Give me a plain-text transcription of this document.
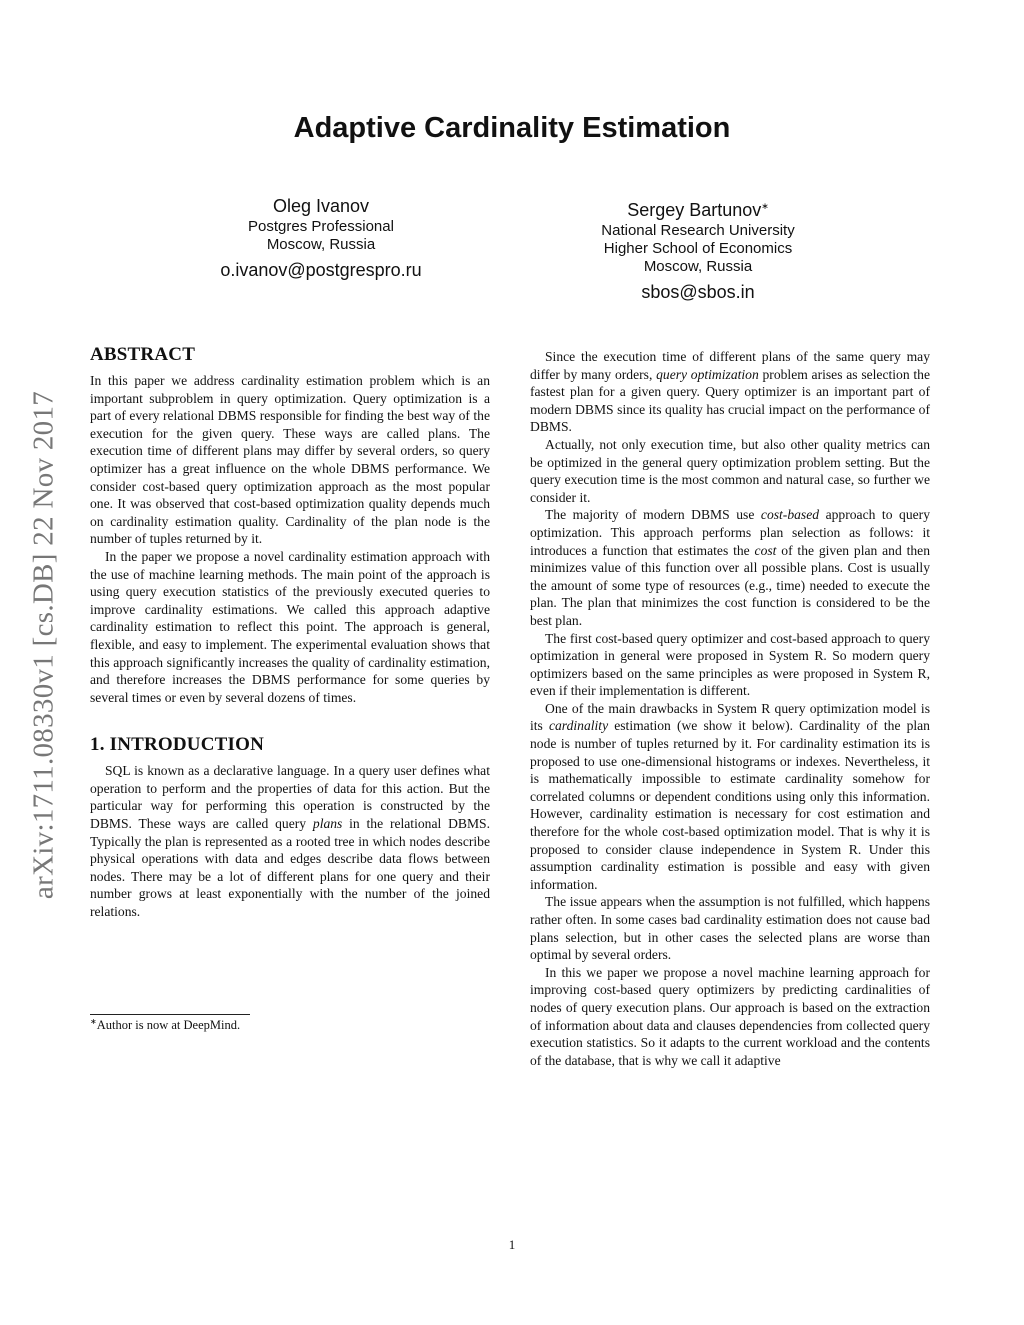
Adaptive Cardinality Estimation
Oleg Ivanov
Postgres Professional
Moscow, Russia
o.ivanov@postgrespro.ru
Sergey Bartunov∗
National Research University
Higher School of Economics
Moscow, Russia
sbos@sbos.in
arXiv:1711.08330v1 [cs.DB] 22 Nov 2017
ABSTRACT

In this paper we address cardinality estimation problem which is an important subproblem in query optimization. Query optimization is a part of every relational DBMS responsible for finding the best way of the execution for the given query. These ways are called plans. The execution time of different plans may differ by several orders, so query optimizer has a great influence on the whole DBMS performance. We consider cost-based query optimization approach as the most popular one. It was observed that cost-based optimization quality depends much on cardinality estimation quality. Cardinality of the plan node is the number of tuples returned by it.

In the paper we propose a novel cardinality estimation approach with the use of machine learning methods. The main point of the approach is using query execution statistics of the previously executed queries to improve cardinality estimations. We called this approach adaptive cardinality estimation to reflect this point. The approach is general, flexible, and easy to implement. The experimental evaluation shows that this approach significantly increases the quality of cardinality estimation, and therefore increases the DBMS performance for some queries by several times or even by several dozens of times.

1. INTRODUCTION

SQL is known as a declarative language. In a query user defines what operation to perform and the properties of data for this action. But the particular way for performing this operation is constructed by the DBMS. These ways are called query plans in the relational DBMS. Typically the plan is represented as a rooted tree in which nodes describe physical operations with data and edges describe data flows between nodes. There may be a lot of different plans for one query and their number grows at least exponentially with the number of the joined relations.

∗Author is now at DeepMind.

Since the execution time of different plans of the same query may differ by many orders, query optimization problem arises as selection the fastest plan for a given query. Query optimizer is an important part of modern DBMS since its quality has crucial impact on the performance of DBMS.

Actually, not only execution time, but also other quality metrics can be optimized in the general query optimization problem setting. But the query execution time is the most common and natural case, so further we consider it.

The majority of modern DBMS use cost-based approach to query optimization. This approach performs plan selection as follows: it introduces a function that estimates the cost of the given plan and then minimizes value of this function over all possible plans. Cost is usually the amount of some type of resources (e.g., time) needed to execute the plan. The plan that minimizes the cost function is considered to be the best plan.

The first cost-based query optimizer and cost-based approach to query optimization in general were proposed in System R. So modern query optimizers based on the same principles as were proposed in System R, even if their implementation is different.

One of the main drawbacks in System R query optimization model is its cardinality estimation (we show it below). Cardinality of the plan node is number of tuples returned by it. For cardinality estimation its is proposed to use one-dimensional histograms or indexes. Nevertheless, it is mathematically impossible to estimate cardinality somehow for correlated columns or dependent conditions using only this information. However, cardinality estimation is necessary for cost estimation and therefore for the whole cost-based optimization model. That is why it is proposed to consider clause independence in System R. Under this assumption cardinality estimation is possible and easy with given information.

The issue appears when the assumption is not fulfilled, which happens rather often. In some cases bad cardinality estimation does not cause bad plans selection, but in other cases the selected plans are worse than optimal by several orders.

In this we paper we propose a novel machine learning approach for improving cost-based query optimizers by predicting cardinalities of nodes of query execution plans. Our approach is based on the extraction of information about data and clauses dependencies from collected query execution statistics. So it adapts to the current workload and the contents of the database, that is why we call it adaptive

1
